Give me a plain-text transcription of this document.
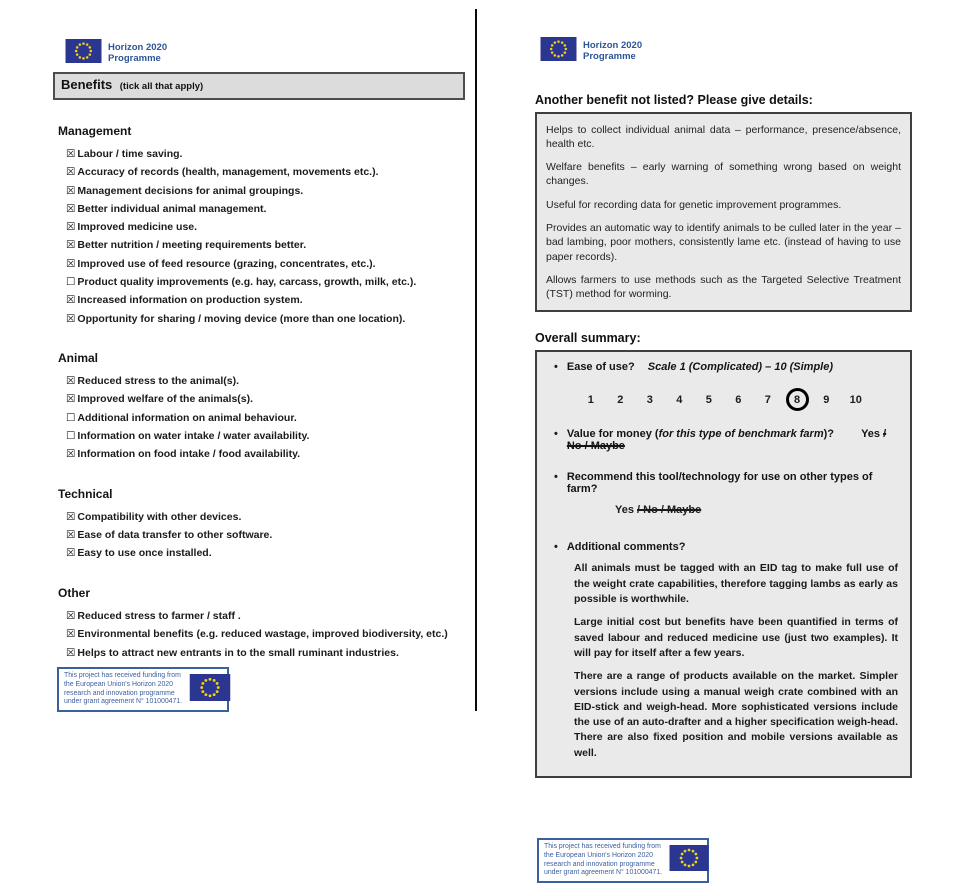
Horizon 2020
Programme
Benefits (tick all that apply)
Management
☒ Labour / time saving.
☒ Accuracy of records (health, management, movements etc.).
☒ Management decisions for animal groupings.
☒ Better individual animal management.
☒ Improved medicine use.
☒ Better nutrition / meeting requirements better.
☒ Improved use of feed resource (grazing, concentrates, etc.).
☐ Product quality improvements (e.g. hay, carcass, growth, milk, etc.).
☒ Increased information on production system.
☒ Opportunity for sharing / moving device (more than one location).
Animal
☒ Reduced stress to the animal(s).
☒ Improved welfare of the animals(s).
☐ Additional information on animal behaviour.
☐ Information on water intake / water availability.
☒ Information on food intake / food availability.
Technical
☒ Compatibility with other devices.
☒ Ease of data transfer to other software.
☒ Easy to use once installed.
Other
☒ Reduced stress to farmer / staff .
☒ Environmental benefits (e.g. reduced wastage, improved biodiversity, etc.)
☒ Helps to attract new entrants in to the small ruminant industries.
This project has received funding from
the European Union's Horizon 2020
research and innovation programme
under grant agreement N° 101000471.
Horizon 2020
Programme
Another benefit not listed? Please give details:

Helps to collect individual animal data – performance, presence/absence, health etc.

Welfare benefits – early warning of something wrong based on weight changes.

Useful for recording data for genetic improvement programmes.

Provides an automatic way to identify animals to be culled later in the year – bad lambing, poor mothers, consistently lame etc. (instead of having to use paper records).

Allows farmers to use methods such as the Targeted Selective Treatment (TST) method for worming.

Overall summary:
• Ease of use? Scale 1 (Complicated) – 10 (Simple)
1	2	3	4	5	6	7	8	9	10
• Value for money (for this type of benchmark farm)? Yes / No / Maybe
• Recommend this tool/technology for use on other types of farm?
Yes / No / Maybe
• Additional comments?

All animals must be tagged with an EID tag to make full use of the weight crate capabilities, therefore tagging lambs as early as possible is worthwhile.

Large initial cost but benefits have been quantified in terms of saved labour and reduced medicine use (just two examples). It will pay for itself after a few years.

There are a range of products available on the market. Simpler versions include using a manual weigh crate combined with an EID-stick and weigh-head. More sophisticated versions include the use of an auto-drafter and a higher specification weigh-head. There are also fixed position and mobile versions available as well.

This project has received funding from
the European Union's Horizon 2020
research and innovation programme
under grant agreement N° 101000471.
